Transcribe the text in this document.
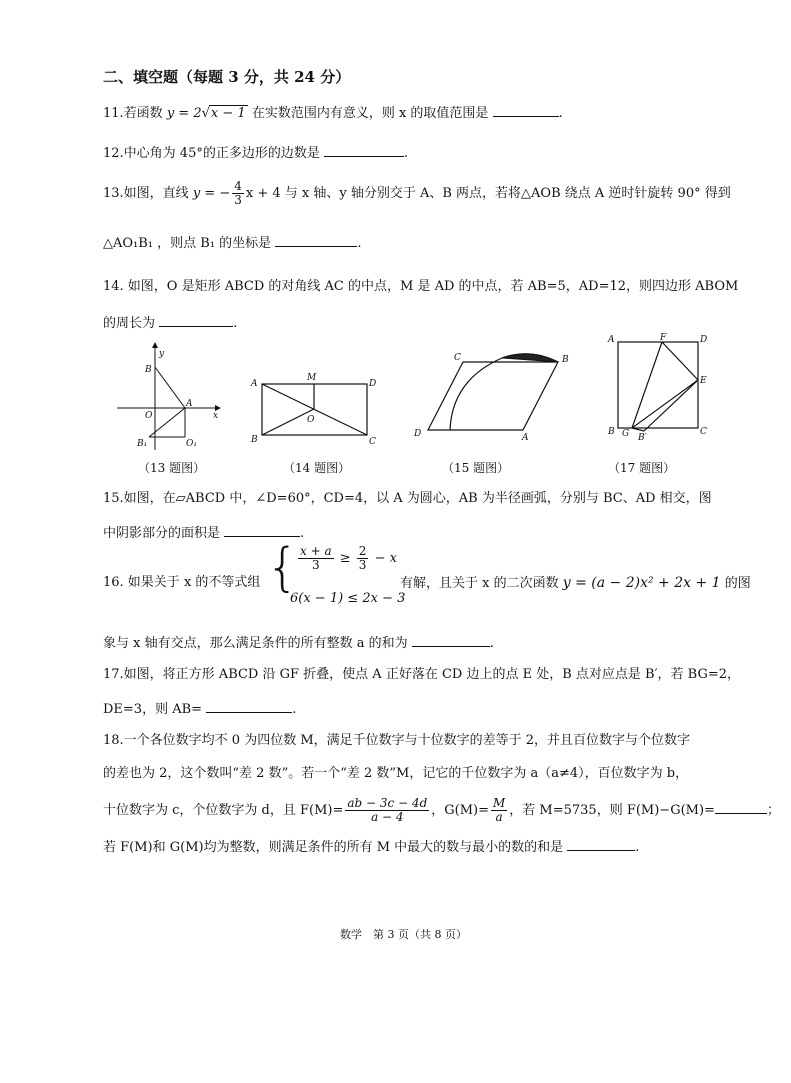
二、填空题（每题 3 分，共 24 分）
11.若函数 y = 2√x − 1 在实数范围内有意义，则 x 的取值范围是	.
12.中心角为 45°的正多边形的边数是	.
13.如图，直线 y = − $\frac{4}{3}$ x + 4 与 x 轴、y 轴分别交于 A、B 两点，若将△AOB 绕点 A 逆时针旋转 90° 得到
△AO₁B₁ ，则点 B₁ 的坐标是	.
14. 如图，O 是矩形 ABCD 的对角线 AC 的中点，M 是 AD 的中点，若 AB=5，AD=12，则四边形 ABOM
的周长为	.
y
x
B
O
A
B₁	O₁
A
M
D
O
B	C
C	B
D	A
A	F	D
E
B G B′
C
（13 题图）	（14 题图）	（15 题图）	（17 题图）
15.如图，在▱ABCD 中，∠D=60°，CD=4，以 A 为圆心，AB 为半径画弧，分别与 BC、AD 相交，图
中阴影部分的面积是	.
16. 如果关于 x 的不等式组 {
$\frac{x + a}{3} \ge \frac{2}{3} - x$
6(x − 1) ≤ 2x − 3
有解，且关于 x 的二次函数 y = (a − 2)x² + 2x + 1 的图
象与 x 轴有交点，那么满足条件的所有整数 a 的和为	.
17.如图，将正方形 ABCD 沿 GF 折叠，使点 A 正好落在 CD 边上的点 E 处，B 点对应点是 B′，若 BG=2，
DE=3，则 AB=	.
18.一个各位数字均不 0 为四位数 M，满足千位数字与十位数字的差等于 2，并且百位数字与个位数字
的差也为 2，这个数叫“差 2 数”。若一个“差 2 数”M，记它的千位数字为 a（a≠4），百位数字为 b，
十位数字为 c，个位数字为 d，且 $F(M)= \frac{ab - 3c - 4d}{a - 4}$ ，$G(M)= \frac{M}{a}$ ，若 M=5735，则 F(M)−G(M)=	；
若 F(M)和 G(M)均为整数，则满足条件的所有 M 中最大的数与最小的数的和是	.
数学　第 3 页（共 8 页）
